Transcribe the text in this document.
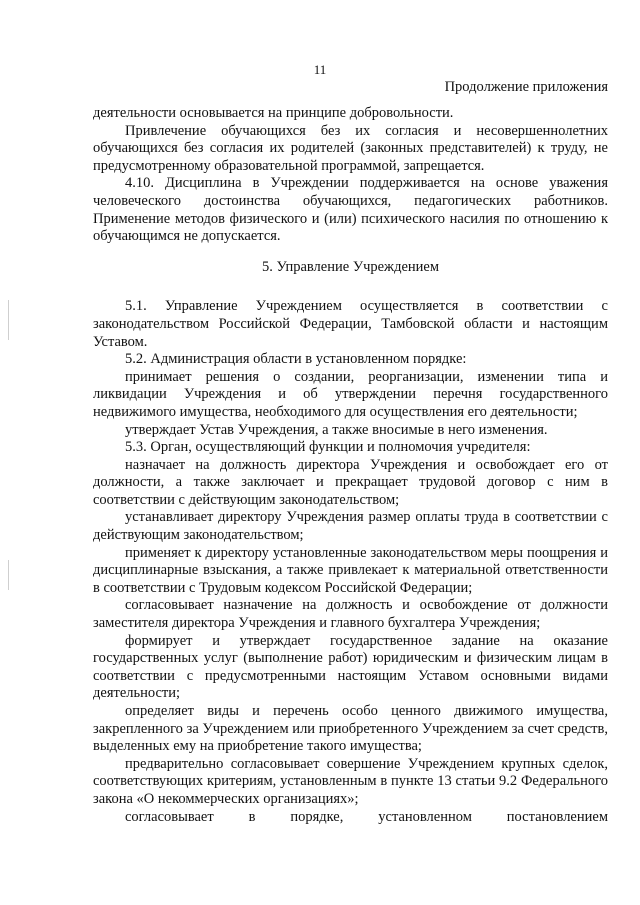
11
Продолжение приложения

деятельности основывается на принципе добровольности.

Привлечение обучающихся без их согласия и несовершеннолетних обучающихся без согласия их родителей (законных представителей) к труду, не предусмотренному образовательной программой, запрещается.

4.10. Дисциплина в Учреждении поддерживается на основе уважения человеческого достоинства обучающихся, педагогических работников. Применение методов физического и (или) психического насилия по отношению к обучающимся не допускается.

5. Управление Учреждением

5.1. Управление Учреждением осуществляется в соответствии с законодательством Российской Федерации, Тамбовской области и настоящим Уставом.

5.2. Администрация области в установленном порядке:

принимает решения о создании, реорганизации, изменении типа и ликвидации Учреждения и об утверждении перечня государственного недвижимого имущества, необходимого для осуществления его деятельности;

утверждает Устав Учреждения, а также вносимые в него изменения.

5.3. Орган, осуществляющий функции и полномочия учредителя:

назначает на должность директора Учреждения и освобождает его от должности, а также заключает и прекращает трудовой договор с ним в соответствии с действующим законодательством;

устанавливает директору Учреждения размер оплаты труда в соответствии с действующим законодательством;

применяет к директору установленные законодательством меры поощрения и дисциплинарные взыскания, а также привлекает к материальной ответственности в соответствии с Трудовым кодексом Российской Федерации;

согласовывает назначение на должность и освобождение от должности заместителя директора Учреждения и главного бухгалтера Учреждения;

формирует и утверждает государственное задание на оказание государственных услуг (выполнение работ) юридическим и физическим лицам в соответствии с предусмотренными настоящим Уставом основными видами деятельности;

определяет виды и перечень особо ценного движимого имущества, закрепленного за Учреждением или приобретенного Учреждением за счет средств, выделенных ему на приобретение такого имущества;

предварительно согласовывает совершение Учреждением крупных сделок, соответствующих критериям, установленным в пункте 13 статьи 9.2 Федерального закона «О некоммерческих организациях»;

согласовывает в порядке, установленном постановлением
